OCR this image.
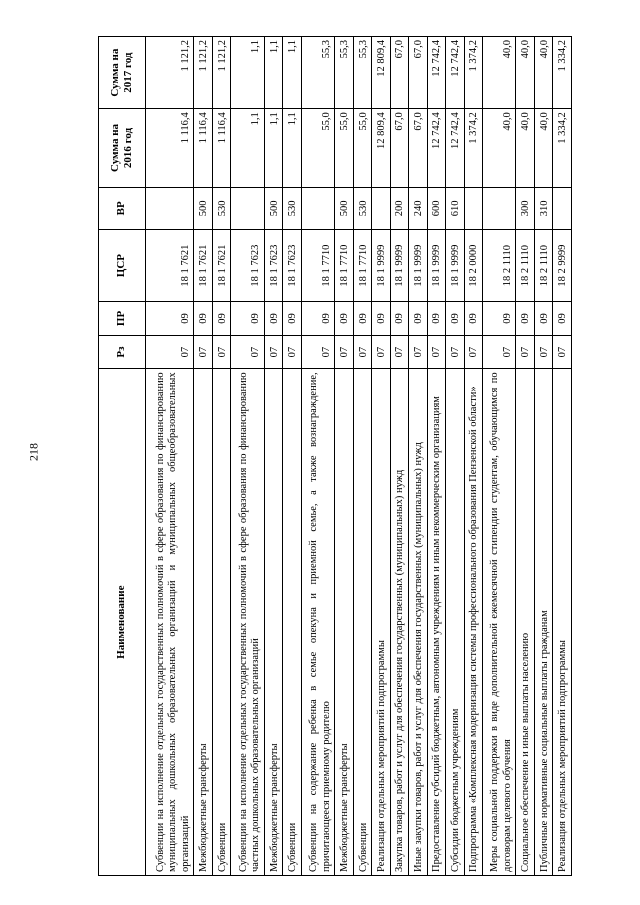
218
Наименование	Рз	ПР	ЦСР	ВР	Сумма на 2016 год	Сумма на 2017 год
Субвенции на исполнение отдельных государственных полномочий в сфере образования по финансированию муниципальных дошкольных образовательных организаций и муниципальных общеобразовательных организаций	07	09	18 1 7621		1 116,4	1 121,2
Межбюджетные трансферты	07	09	18 1 7621	500	1 116,4	1 121,2
Субвенции	07	09	18 1 7621	530	1 116,4	1 121,2
Субвенции на исполнение отдельных государственных полномочий в сфере образования по финансированию частных дошкольных образовательных организаций	07	09	18 1 7623		1,1	1,1
Межбюджетные трансферты	07	09	18 1 7623	500	1,1	1,1
Субвенции	07	09	18 1 7623	530	1,1	1,1
Субвенции на содержание ребенка в семье опекуна и приемной семье, а также вознаграждение, причитающееся приемному родителю	07	09	18 1 7710		55,0	55,3
Межбюджетные трансферты	07	09	18 1 7710	500	55,0	55,3
Субвенции	07	09	18 1 7710	530	55,0	55,3
Реализация отдельных мероприятий подпрограммы	07	09	18 1 9999		12 809,4	12 809,4
Закупка товаров, работ и услуг для обеспечения государственных (муниципальных) нужд	07	09	18 1 9999	200	67,0	67,0
Иные закупки товаров, работ и услуг для обеспечения государственных (муниципальных) нужд	07	09	18 1 9999	240	67,0	67,0
Предоставление субсидий бюджетным, автономным учреждениям и иным некоммерческим организациям	07	09	18 1 9999	600	12 742,4	12 742,4
Субсидии бюджетным учреждениям	07	09	18 1 9999	610	12 742,4	12 742,4
Подпрограмма «Комплексная модернизация системы профессионального образования Пензенской области»	07	09	18 2 0000		1 374,2	1 374,2
Меры социальной поддержки в виде дополнительной ежемесячной стипендии студентам, обучающимся по договорам целевого обучения	07	09	18 2 1110		40,0	40,0
Социальное обеспечение и иные выплаты населению	07	09	18 2 1110	300	40,0	40,0
Публичные нормативные социальные выплаты гражданам	07	09	18 2 1110	310	40,0	40,0
Реализация отдельных мероприятий подпрограммы	07	09	18 2 9999		1 334,2	1 334,2
